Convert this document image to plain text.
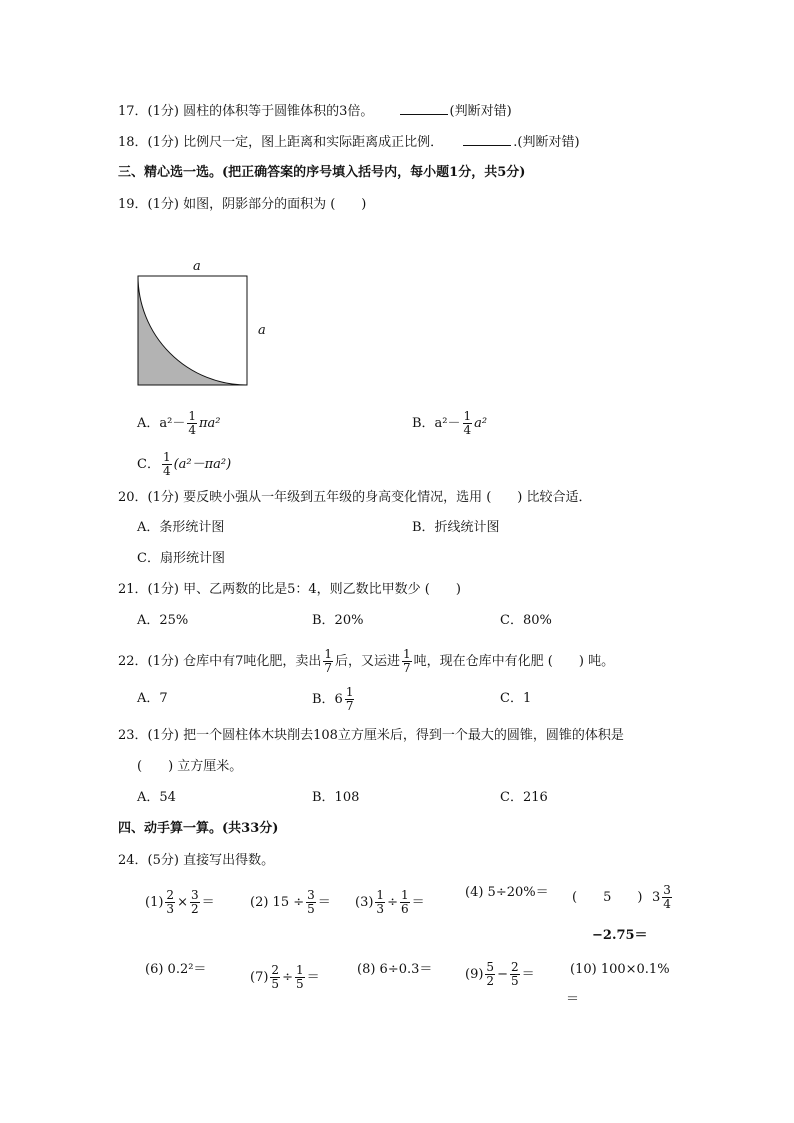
17．(1分) 圆柱的体积等于圆锥体积的3倍。	(判断对错)
18．(1分) 比例尺一定，图上距离和实际距离成正比例．	.(判断对错)
三、精心选一选。(把正确答案的序号填入括号内，每小题1分，共5分)
19．(1分) 如图，阴影部分的面积为 (　　)
a
a
A．$a^2- \frac{1}{4} \pi a^2$	B．$a^2- \frac{1}{4} a^2$
C． $\frac{1}{4} (a^2-\pi a^2)$
20．(1分) 要反映小强从一年级到五年级的身高变化情况，选用 (　　) 比较合适．
A．条形统计图	B．折线统计图
C．扇形统计图
21．(1分) 甲、乙两数的比是5：4，则乙数比甲数少 (　　)
A．25%	B．20%	C．80%
22．(1分) 仓库中有7吨化肥，卖出 $\frac{1}{7}$ 后，又运进 $\frac{1}{7}$ 吨，现在仓库中有化肥 (　　) 吨。
A．7	B．$6 \frac{1}{7}$	C．1
23．(1分) 把一个圆柱体木块削去108立方厘米后，得到一个最大的圆锥，圆锥的体积是
(　　) 立方厘米。
A．54	B．108	C．216
四、动手算一算。(共33分)
24．(5分) 直接写出得数。
$(1) \frac{2}{3} \times \frac{3}{2}$ ＝	(2) $15 \div \frac{3}{5} = (3) \frac{1}{3} \div \frac{1}{6}$ ＝
(4) 5÷20%＝ (　　5　　) $3 \frac{3}{4}$
−2.75＝
(6) 0.2²＝
$(7) \frac{2}{5} \div \frac{1}{5}$ ＝
(8) 6÷0.3＝	$(9) \frac{5}{2} - \frac{2}{5}$ ＝	(10) 100×0.1%
＝
